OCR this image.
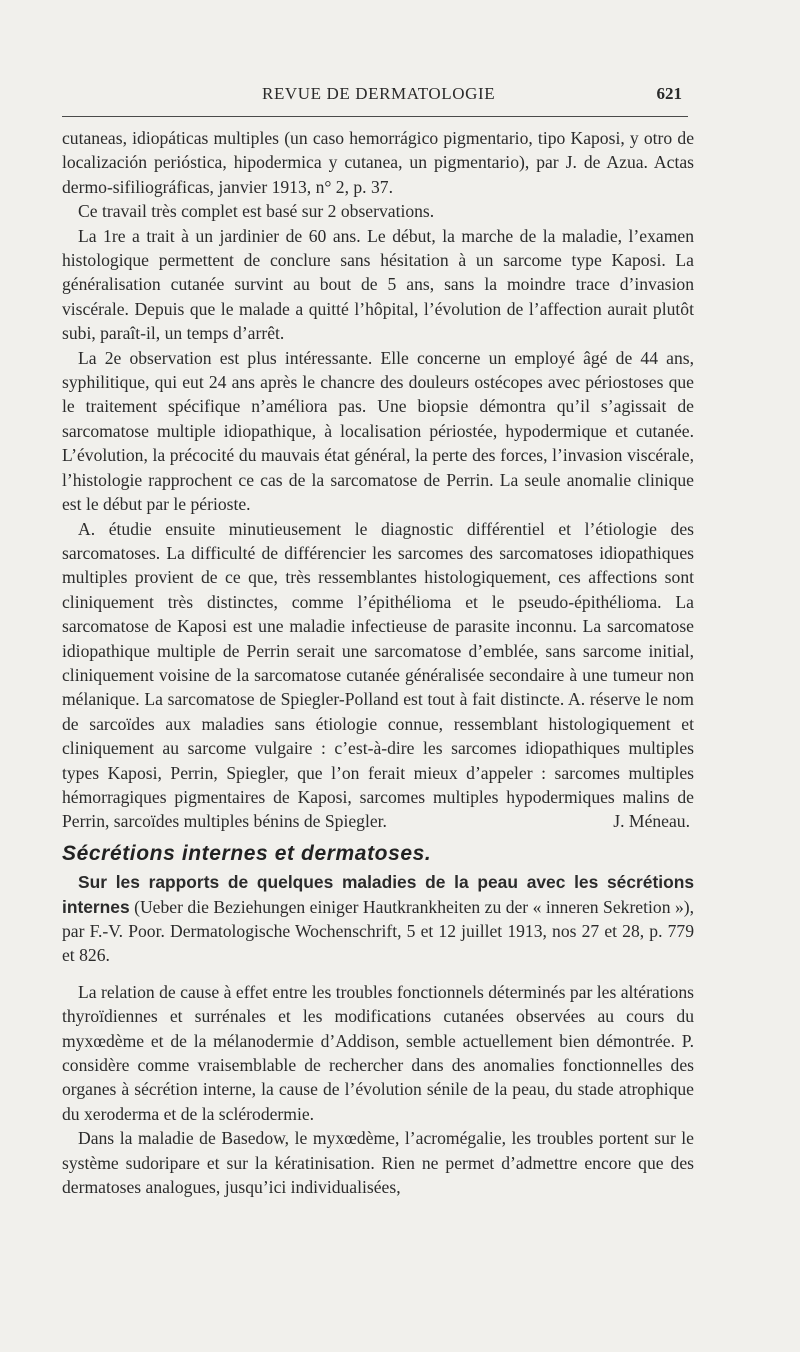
REVUE DE DERMATOLOGIE	621

cutaneas, idiopáticas multiples (un caso hemorrágico pigmentario, tipo Kaposi, y otro de localización periósticа, hipodermica y cutanea, un pigmentario), par J. de Azua. Actas dermo-sifiliográficas, janvier 1913, n° 2, p. 37.

Ce travail très complet est basé sur 2 observations.

La 1re a trait à un jardinier de 60 ans. Le début, la marche de la maladie, l’examen histologique permettent de conclure sans hésitation à un sarcome type Kaposi. La généralisation cutanée survint au bout de 5 ans, sans la moindre trace d’invasion viscérale. Depuis que le malade a quitté l’hôpital, l’évolution de l’affection aurait plutôt subi, paraît-il, un temps d’arrêt.

La 2e observation est plus intéressante. Elle concerne un employé âgé de 44 ans, syphilitique, qui eut 24 ans après le chancre des douleurs ostécopes avec périostoses que le traitement spécifique n’améliora pas. Une biopsie démontra qu’il s’agissait de sarcomatose multiple idiopathique, à localisation périostée, hypodermique et cutanée. L’évolution, la précocité du mauvais état général, la perte des forces, l’invasion viscérale, l’histologie rapprochent ce cas de la sarcomatose de Perrin. La seule anomalie clinique est le début par le périoste.

A. étudie ensuite minutieusement le diagnostic différentiel et l’étiologie des sarcomatoses. La difficulté de différencier les sarcomes des sarcomatoses idiopathiques multiples provient de ce que, très ressemblantes histologiquement, ces affections sont cliniquement très distinctes, comme l’épithélioma et le pseudo-épithélioma. La sarcomatose de Kaposi est une maladie infectieuse de parasite inconnu. La sarcomatose idiopathique multiple de Perrin serait une sarcomatose d’emblée, sans sarcome initial, cliniquement voisine de la sarcomatose cutanée généralisée secondaire à une tumeur non mélanique. La sarcomatose de Spiegler-Polland est tout à fait distincte. A. réserve le nom de sarcoïdes aux maladies sans étiologie connue, ressemblant histologiquement et cliniquement au sarcome vulgaire : c’est-à-dire les sarcomes idiopathiques multiples types Kaposi, Perrin, Spiegler, que l’on ferait mieux d’appeler : sarcomes multiples hémorragiques pigmentaires de Kaposi, sarcomes multiples hypodermiques malins de Perrin, sarcoïdes multiples bénins de Spiegler.	J. Méneau.

Sécrétions internes et dermatoses.

Sur les rapports de quelques maladies de la peau avec les sécrétions internes (Ueber die Beziehungen einiger Hautkrankheiten zu der « inneren Sekretion »), par F.-V. Poor. Dermatologische Wochenschrift, 5 et 12 juillet 1913, nos 27 et 28, p. 779 et 826.

La relation de cause à effet entre les troubles fonctionnels déterminés par les altérations thyroïdiennes et surrénales et les modifications cutanées observées au cours du myxœdème et de la mélanodermie d’Addison, semble actuellement bien démontrée. P. considère comme vraisemblable de rechercher dans des anomalies fonctionnelles des organes à sécrétion interne, la cause de l’évolution sénile de la peau, du stade atrophique du xeroderma et de la sclérodermie.

Dans la maladie de Basedow, le myxœdème, l’acromégalie, les troubles portent sur le système sudoripare et sur la kératinisation. Rien ne permet d’admettre encore que des dermatoses analogues, jusqu’ici individualisées,
